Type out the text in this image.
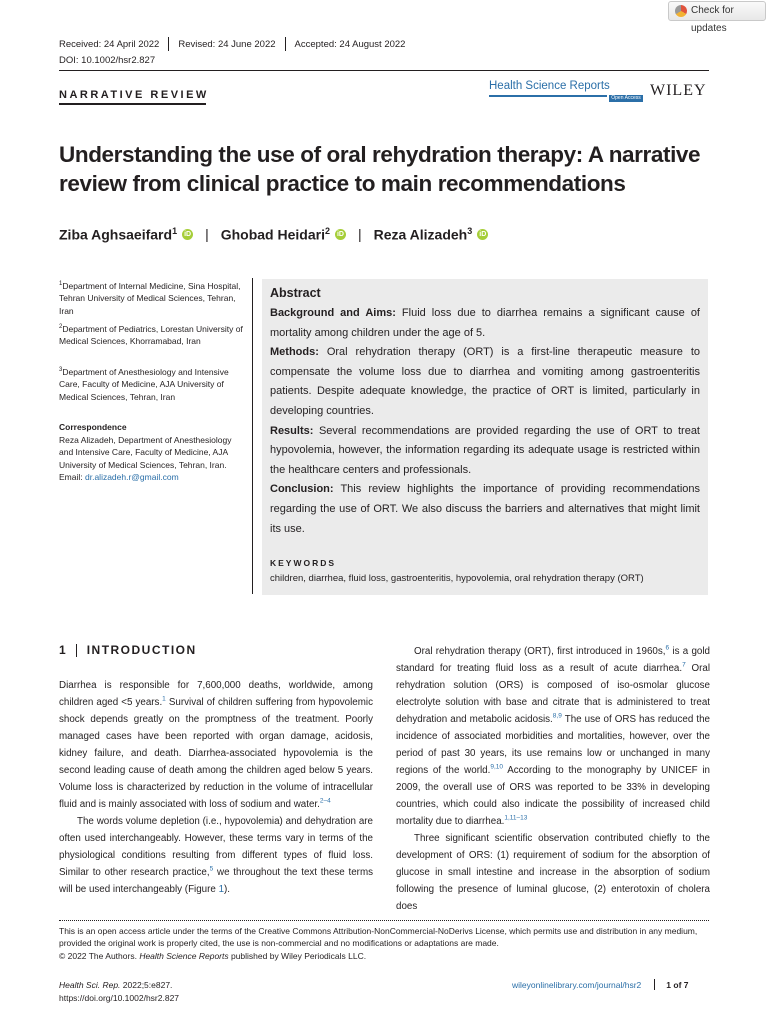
Check for updates
Received: 24 April 2022 Revised: 24 June 2022 Accepted: 24 August 2022
DOI: 10.1002/hsr2.827
NARRATIVE REVIEW
Health Science Reports
Open Access WILEY
Understanding the use of oral rehydration therapy: A narrative review from clinical practice to main recommendations
Ziba Aghsaeifard$^1$ iD | Ghobad Heidari$^2$ iD | Reza Alizadeh$^3$ iD
$^1$Department of Internal Medicine, Sina Hospital, Tehran University of Medical Sciences, Tehran, Iran
$^2$Department of Pediatrics, Lorestan University of Medical Sciences, Khorramabad, Iran
$^3$Department of Anesthesiology and Intensive Care, Faculty of Medicine, AJA University of Medical Sciences, Tehran, Iran
Correspondence
Reza Alizadeh, Department of Anesthesiology and Intensive Care, Faculty of Medicine, AJA University of Medical Sciences, Tehran, Iran.
Email: dr.alizadeh.r@gmail.com
Abstract
Background and Aims: Fluid loss due to diarrhea remains a significant cause of mortality among children under the age of 5.
Methods: Oral rehydration therapy (ORT) is a first-line therapeutic measure to compensate the volume loss due to diarrhea and vomiting among gastroenteritis patients. Despite adequate knowledge, the practice of ORT is limited, particularly in developing countries.
Results: Several recommendations are provided regarding the use of ORT to treat hypovolemia, however, the information regarding its adequate usage is restricted within the healthcare centers and professionals.
Conclusion: This review highlights the importance of providing recommendations regarding the use of ORT. We also discuss the barriers and alternatives that might limit its use.
KEYWORDS
children, diarrhea, fluid loss, gastroenteritis, hypovolemia, oral rehydration therapy (ORT)
1 INTRODUCTION

Diarrhea is responsible for 7,600,000 deaths, worldwide, among children aged <5 years.$^1$ Survival of children suffering from hypovolemic shock depends greatly on the promptness of the treatment. Poorly managed cases have been reported with organ damage, acidosis, kidney failure, and death. Diarrhea-associated hypovolemia is the second leading cause of death among the children aged below 5 years. Volume loss is characterized by reduction in the volume of intracellular fluid and is mainly associated with loss of sodium and water.$^{2-4}$

The words volume depletion (i.e., hypovolemia) and dehydration are often used interchangeably. However, these terms vary in terms of the physiological conditions resulting from different types of fluid loss. Similar to other research practice,$^5$ we throughout the text these terms will be used interchangeably (Figure 1).

Oral rehydration therapy (ORT), first introduced in 1960s,$^6$ is a gold standard for treating fluid loss as a result of acute diarrhea.$^7$ Oral rehydration solution (ORS) is composed of iso-osmolar glucose electrolyte solution with base and citrate that is administered to treat dehydration and metabolic acidosis.$^{8,9}$ The use of ORS has reduced the incidence of associated morbidities and mortalities, however, over the period of past 30 years, its use remains low or unchanged in many regions of the world.$^{9,10}$ According to the monography by UNICEF in 2009, the overall use of ORS was reported to be 33% in developing countries, which could also indicate the possibility of increased child mortality due to diarrhea.$^{1,11-13}$

Three significant scientific observation contributed chiefly to the development of ORS: (1) requirement of sodium for the absorption of glucose in small intestine and increase in the absorption of sodium following the presence of luminal glucose, (2) enterotoxin of cholera does

This is an open access article under the terms of the Creative Commons Attribution-NonCommercial-NoDerivs License, which permits use and distribution in any medium, provided the original work is properly cited, the use is non-commercial and no modifications or adaptations are made.
© 2022 The Authors. Health Science Reports published by Wiley Periodicals LLC.
Health Sci. Rep. 2022;5:e827.
https://doi.org/10.1002/hsr2.827
wileyonlinelibrary.com/journal/hsr2	1 of 7
